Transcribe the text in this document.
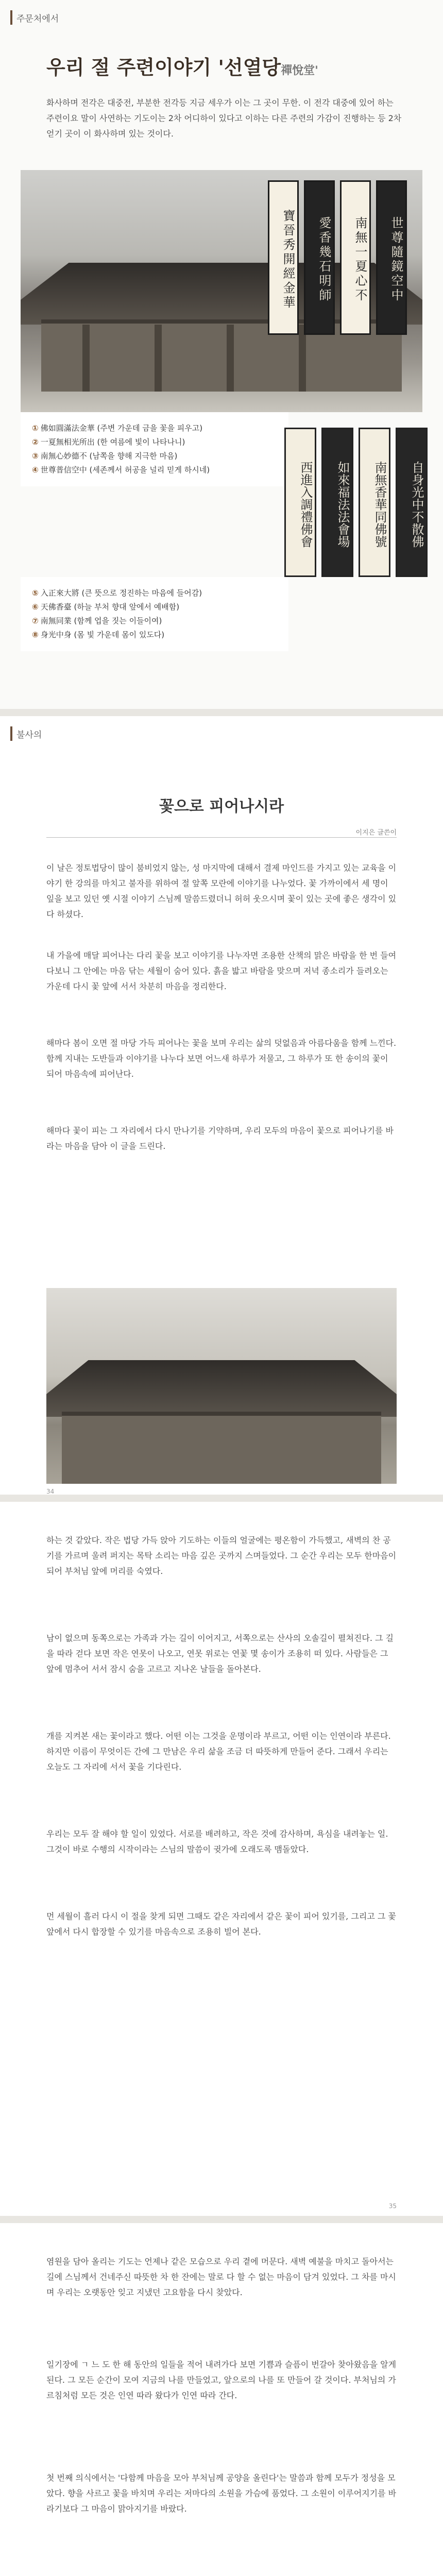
주문처에서
우리 절 주련이야기 '선열당禪悅堂'

화사하며 전각은 대중전, 부분한 전각등 지금 세우가 이는 그 곳이 무한. 이 전각 대중에 있어 하는 주련이요 말이 사연하는 기도이는 2차 어디하이 있다고 이하는 다른 주련의 가감이 진행하는 등 2차 얻기 곳이 이 화사하며 있는 것이다.

寶晉秀開經金華	愛香幾石明師	南無一夏心不	世尊隨鏡空中
① 佛如圓滿法金華 (주변 가운데 금을 꽃을 피우고)
② 一夏無相光所出 (한 여름에 빛이 나타나니)
③ 南無心妙德不 (남쪽을 향해 지극한 마음)
④ 世尊普信空中 (세존께서 허공을 널리 믿게 하시네)	西進入調禮佛會	如來福法法會場	南無香華同佛號	自身光中不散佛
⑤ 入正來大將 (큰 뜻으로 정진하는 마음에 들어감)
⑥ 天佛香臺 (하늘 부처 향대 앞에서 예배함)
⑦ 南無同業 (함께 업을 짓는 이들이여)
⑧ 身光中身 (몸 빛 가운데 몸이 있도다)
불사의
꽃으로 피어나시라
이지은 글쓴이

이 날은 정토법당이 많이 붐비었지 않는, 성 마지막에 대해서 결제 마인드를 가지고 있는 교육을 이야기 한 강의를 마치고 불자를 위하여 절 앞쪽 모란에 이야기를 나누었다. 꽃 가까이에서 세 명이 잎을 보고 있던 옛 시절 이야기 스님께 말씀드렸더니 허허 웃으시며 꽃이 있는 곳에 좋은 생각이 있다 하셨다.

내 가을에 매달 피어나는 다리 꽃을 보고 이야기를 나누자면 조용한 산책의 맑은 바람을 한 번 들여다보니 그 안에는 마음 닦는 세월이 숨어 있다. 흙을 밟고 바람을 맞으며 저녁 종소리가 들려오는 가운데 다시 꽃 앞에 서서 차분히 마음을 정리한다.

해마다 봄이 오면 절 마당 가득 피어나는 꽃을 보며 우리는 삶의 덧없음과 아름다움을 함께 느낀다. 함께 지내는 도반들과 이야기를 나누다 보면 어느새 하루가 저물고, 그 하루가 또 한 송이의 꽃이 되어 마음속에 피어난다.

해마다 꽃이 피는 그 자리에서 다시 만나기를 기약하며, 우리 모두의 마음이 꽃으로 피어나기를 바라는 마음을 담아 이 글을 드린다.

34

하는 것 같았다. 작은 법당 가득 앉아 기도하는 이들의 얼굴에는 평온함이 가득했고, 새벽의 찬 공기를 가르며 울려 퍼지는 목탁 소리는 마음 깊은 곳까지 스며들었다. 그 순간 우리는 모두 한마음이 되어 부처님 앞에 머리를 숙였다.

남이 없으며 동쪽으로는 가족과 가는 길이 이어지고, 서쪽으로는 산사의 오솔길이 펼쳐진다. 그 길을 따라 걷다 보면 작은 연못이 나오고, 연못 위로는 연꽃 몇 송이가 조용히 떠 있다. 사람들은 그 앞에 멈추어 서서 잠시 숨을 고르고 지나온 날들을 돌아본다.

개를 지켜본 새는 꽃이라고 했다. 어떤 이는 그것을 운명이라 부르고, 어떤 이는 인연이라 부른다. 하지만 이름이 무엇이든 간에 그 만남은 우리 삶을 조금 더 따뜻하게 만들어 준다. 그래서 우리는 오늘도 그 자리에 서서 꽃을 기다린다.

우리는 모두 잘 해야 할 일이 있었다. 서로를 배려하고, 작은 것에 감사하며, 욕심을 내려놓는 일. 그것이 바로 수행의 시작이라는 스님의 말씀이 귓가에 오래도록 맴돌았다.

먼 세월이 흘러 다시 이 절을 찾게 되면 그때도 같은 자리에서 같은 꽃이 피어 있기를, 그리고 그 꽃 앞에서 다시 합장할 수 있기를 마음속으로 조용히 빌어 본다.

35

염원을 담아 올리는 기도는 언제나 같은 모습으로 우리 곁에 머문다. 새벽 예불을 마치고 돌아서는 길에 스님께서 건네주신 따뜻한 차 한 잔에는 말로 다 할 수 없는 마음이 담겨 있었다. 그 차를 마시며 우리는 오랫동안 잊고 지냈던 고요함을 다시 찾았다.

일기장에 ㄱ 느 도 한 해 동안의 일들을 적어 내려가다 보면 기쁨과 슬픔이 번갈아 찾아왔음을 알게 된다. 그 모든 순간이 모여 지금의 나를 만들었고, 앞으로의 나를 또 만들어 갈 것이다. 부처님의 가르침처럼 모든 것은 인연 따라 왔다가 인연 따라 간다.

첫 번째 의식에서는 '다함께 마음을 모아 부처님께 공양을 올린다'는 말씀과 함께 모두가 정성을 모았다. 향을 사르고 꽃을 바치며 우리는 저마다의 소원을 가슴에 품었다. 그 소원이 이루어지기를 바라기보다 그 마음이 맑아지기를 바랐다.
